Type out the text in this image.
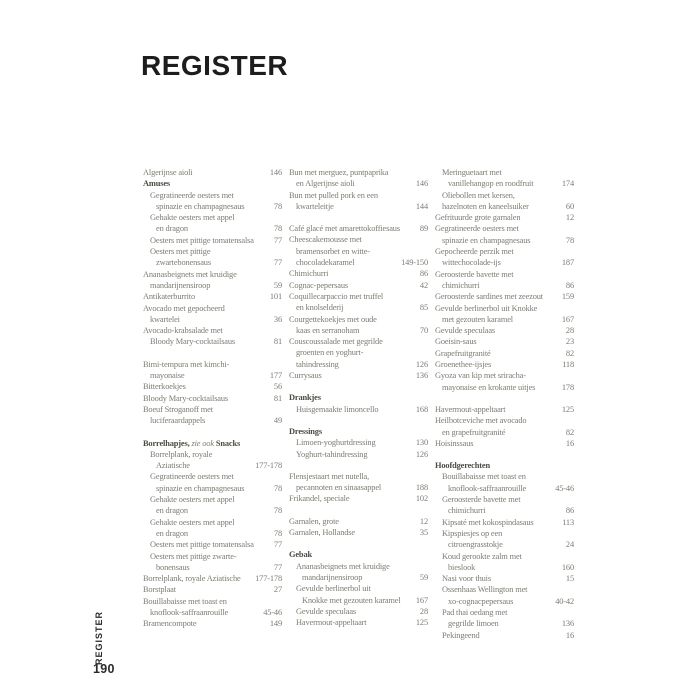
REGISTER
Algerijnse aioli	146
Amuses
Gegratineerde oesters met
spinazie en champagnesaus	78
Gehakte oesters met appel
en dragon	78
Oesters met pittige tomatensalsa	77
Oesters met pittige
zwartebonensaus	77
Ananasbeignets met kruidige
mandarijnensiroop	59
Antikaterburrito	101
Avocado met gepocheerd
kwartelei	36
Avocado-krabsalade met
Bloody Mary-cocktailsaus	81
Bimi-tempura met kimchi-
mayonaise	177
Bitterkoekjes	56
Bloody Mary-cocktailsaus	81
Boeuf Stroganoff met
luciferaardappels	49
Borrelhapjes, zie ook Snacks
Borrelplank, royale
Aziatische	177-178
Gegratineerde oesters met
spinazie en champagnesaus	78
Gehakte oesters met appel
en dragon	78
Gehakte oesters met appel
en dragon	78
Oesters met pittige tomatensalsa	77
Oesters met pittige zwarte-
bonensaus	77
Borrelplank, royale Aziatische	177-178
Borstplaat	27
Bouillabaisse met toast en
knoflook-saffraanrouille	45-46
Bramencompote	149
Bun met merguez, puntpaprika
en Algerijnse aioli	146
Bun met pulled pork en een
kwarteleitje	144
Café glacé met amarettokoffiesaus	89
Cheescakemousse met
bramensorbet en witte-
chocoladekaramel	149-150
Chimichurri	86
Cognac-pepersaus	42
Coquillecarpaccio met truffel
en knolselderij	85
Courgettekoekjes met oude
kaas en serranoham	70
Couscoussalade met gegrilde
groenten en yoghurt-
tahindressing	126
Currysaus	136
Drankjes
Huisgemaakte limoncello	168
Dressings
Limoen-yoghurtdressing	130
Yoghurt-tahindressing	126
Flensjestaart met nutella,
pecannoten en sinaasappel	188
Frikandel, speciale	102
Garnalen, grote	12
Garnalen, Hollandse	35
Gebak
Ananasbeignets met kruidige
mandarijnensiroop	59
Gevulde berlinerbol uit
Knokke met gezouten karamel	167
Gevulde speculaas	28
Havermout-appeltaart	125
Meringuetaart met
vanillehangop en roodfruit	174
Oliebollen met kersen,
hazelnoten en kaneelsuiker	60
Gefrituurde grote garnalen	12
Gegratineerde oesters met
spinazie en champagnesaus	78
Gepocheerde perzik met
wittechocolade-ijs	187
Geroosterde bavette met
chimichurri	86
Geroosterde sardines met zeezout	159
Gevulde berlinerbol uit Knokke
met gezouten karamel	167
Gevulde speculaas	28
Goeisin-saus	23
Grapefruitgranité	82
Groenethee-ijsjes	118
Gyoza van kip met sriracha-
mayonaise en krokante uitjes	178
Havermout-appeltaart	125
Heilbotceviche met avocado
en grapefruitgranité	82
Hoisinssaus	16
Hoofdgerechten
Bouillabaisse met toast en
knoflook-saffraanrouille	45-46
Geroosterde bavette met
chimichurri	86
Kipsaté met kokospindasaus	113
Kipspiesjes op een
citroengrasstokje	24
Koud gerookte zalm met
bieslook	160
Nasi voor thuis	15
Ossenhaas Wellington met
xo-cognacpepersaus	40-42
Pad thai oedang met
gegrilde limoen	136
Pekingeend	16
REGISTER
190
